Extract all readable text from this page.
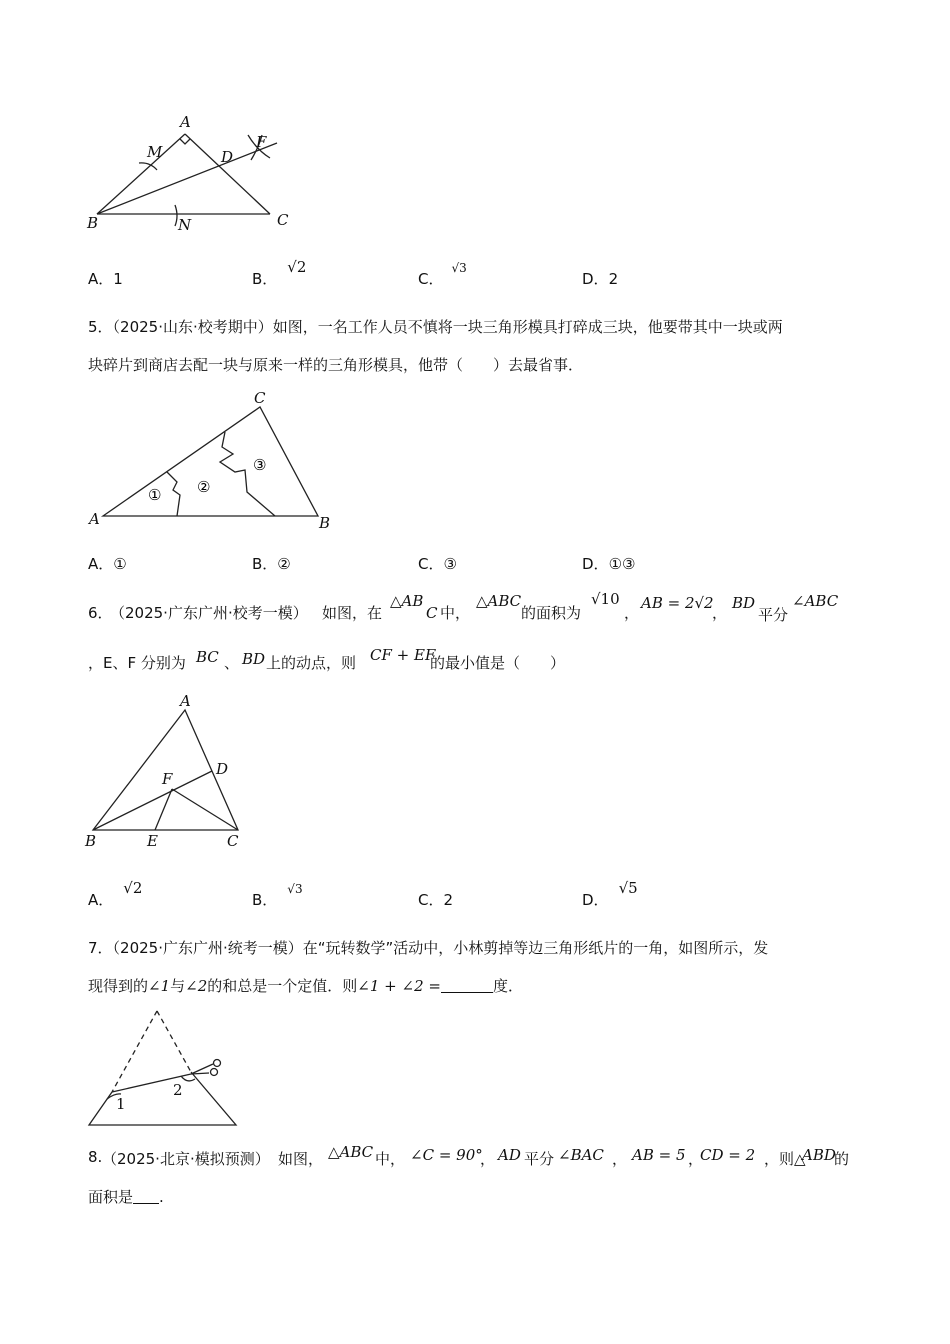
A
M	D
F
B	N	C
A．1	B．√2
C．$^{√3}$
D．2
5．（2025·山东·校考期中）如图，一名工作人员不慎将一块三角形模具打碎成三块，他要带其中一块或两
块碎片到商店去配一块与原来一样的三角形模具，他带（　　）去最省事．
A	B
C
① ②
③
A．①	B．②	C．③	D．①③
6．
（2025·广东广州·校考一模） 如图，在
△AB
C 中，
△ABC
的面积为
√10
，
AB = 2√2
，
BD
平分
∠ABC
，E、F 分别为 BC 、 BD 上的动点，则 CF + EF
的最小值是（　　）
A
D
F
B	E	C
A．√2
B．$^{√3}$
C．2	D．√5
7．（2025·广东广州·统考一模）在“玩转数学”活动中，小林剪掉等边三角形纸片的一角，如图所示，发
现得到的∠1与∠2的和总是一个定值．则∠1 + ∠2 =	度．
1
2
8. （2025·北京·模拟预测） 如图， △ABC 中， ∠C = 90°
， AD 平分 ∠BAC ， AB = 5 ，
CD = 2 ，则△
ABD
的
面积是 .
